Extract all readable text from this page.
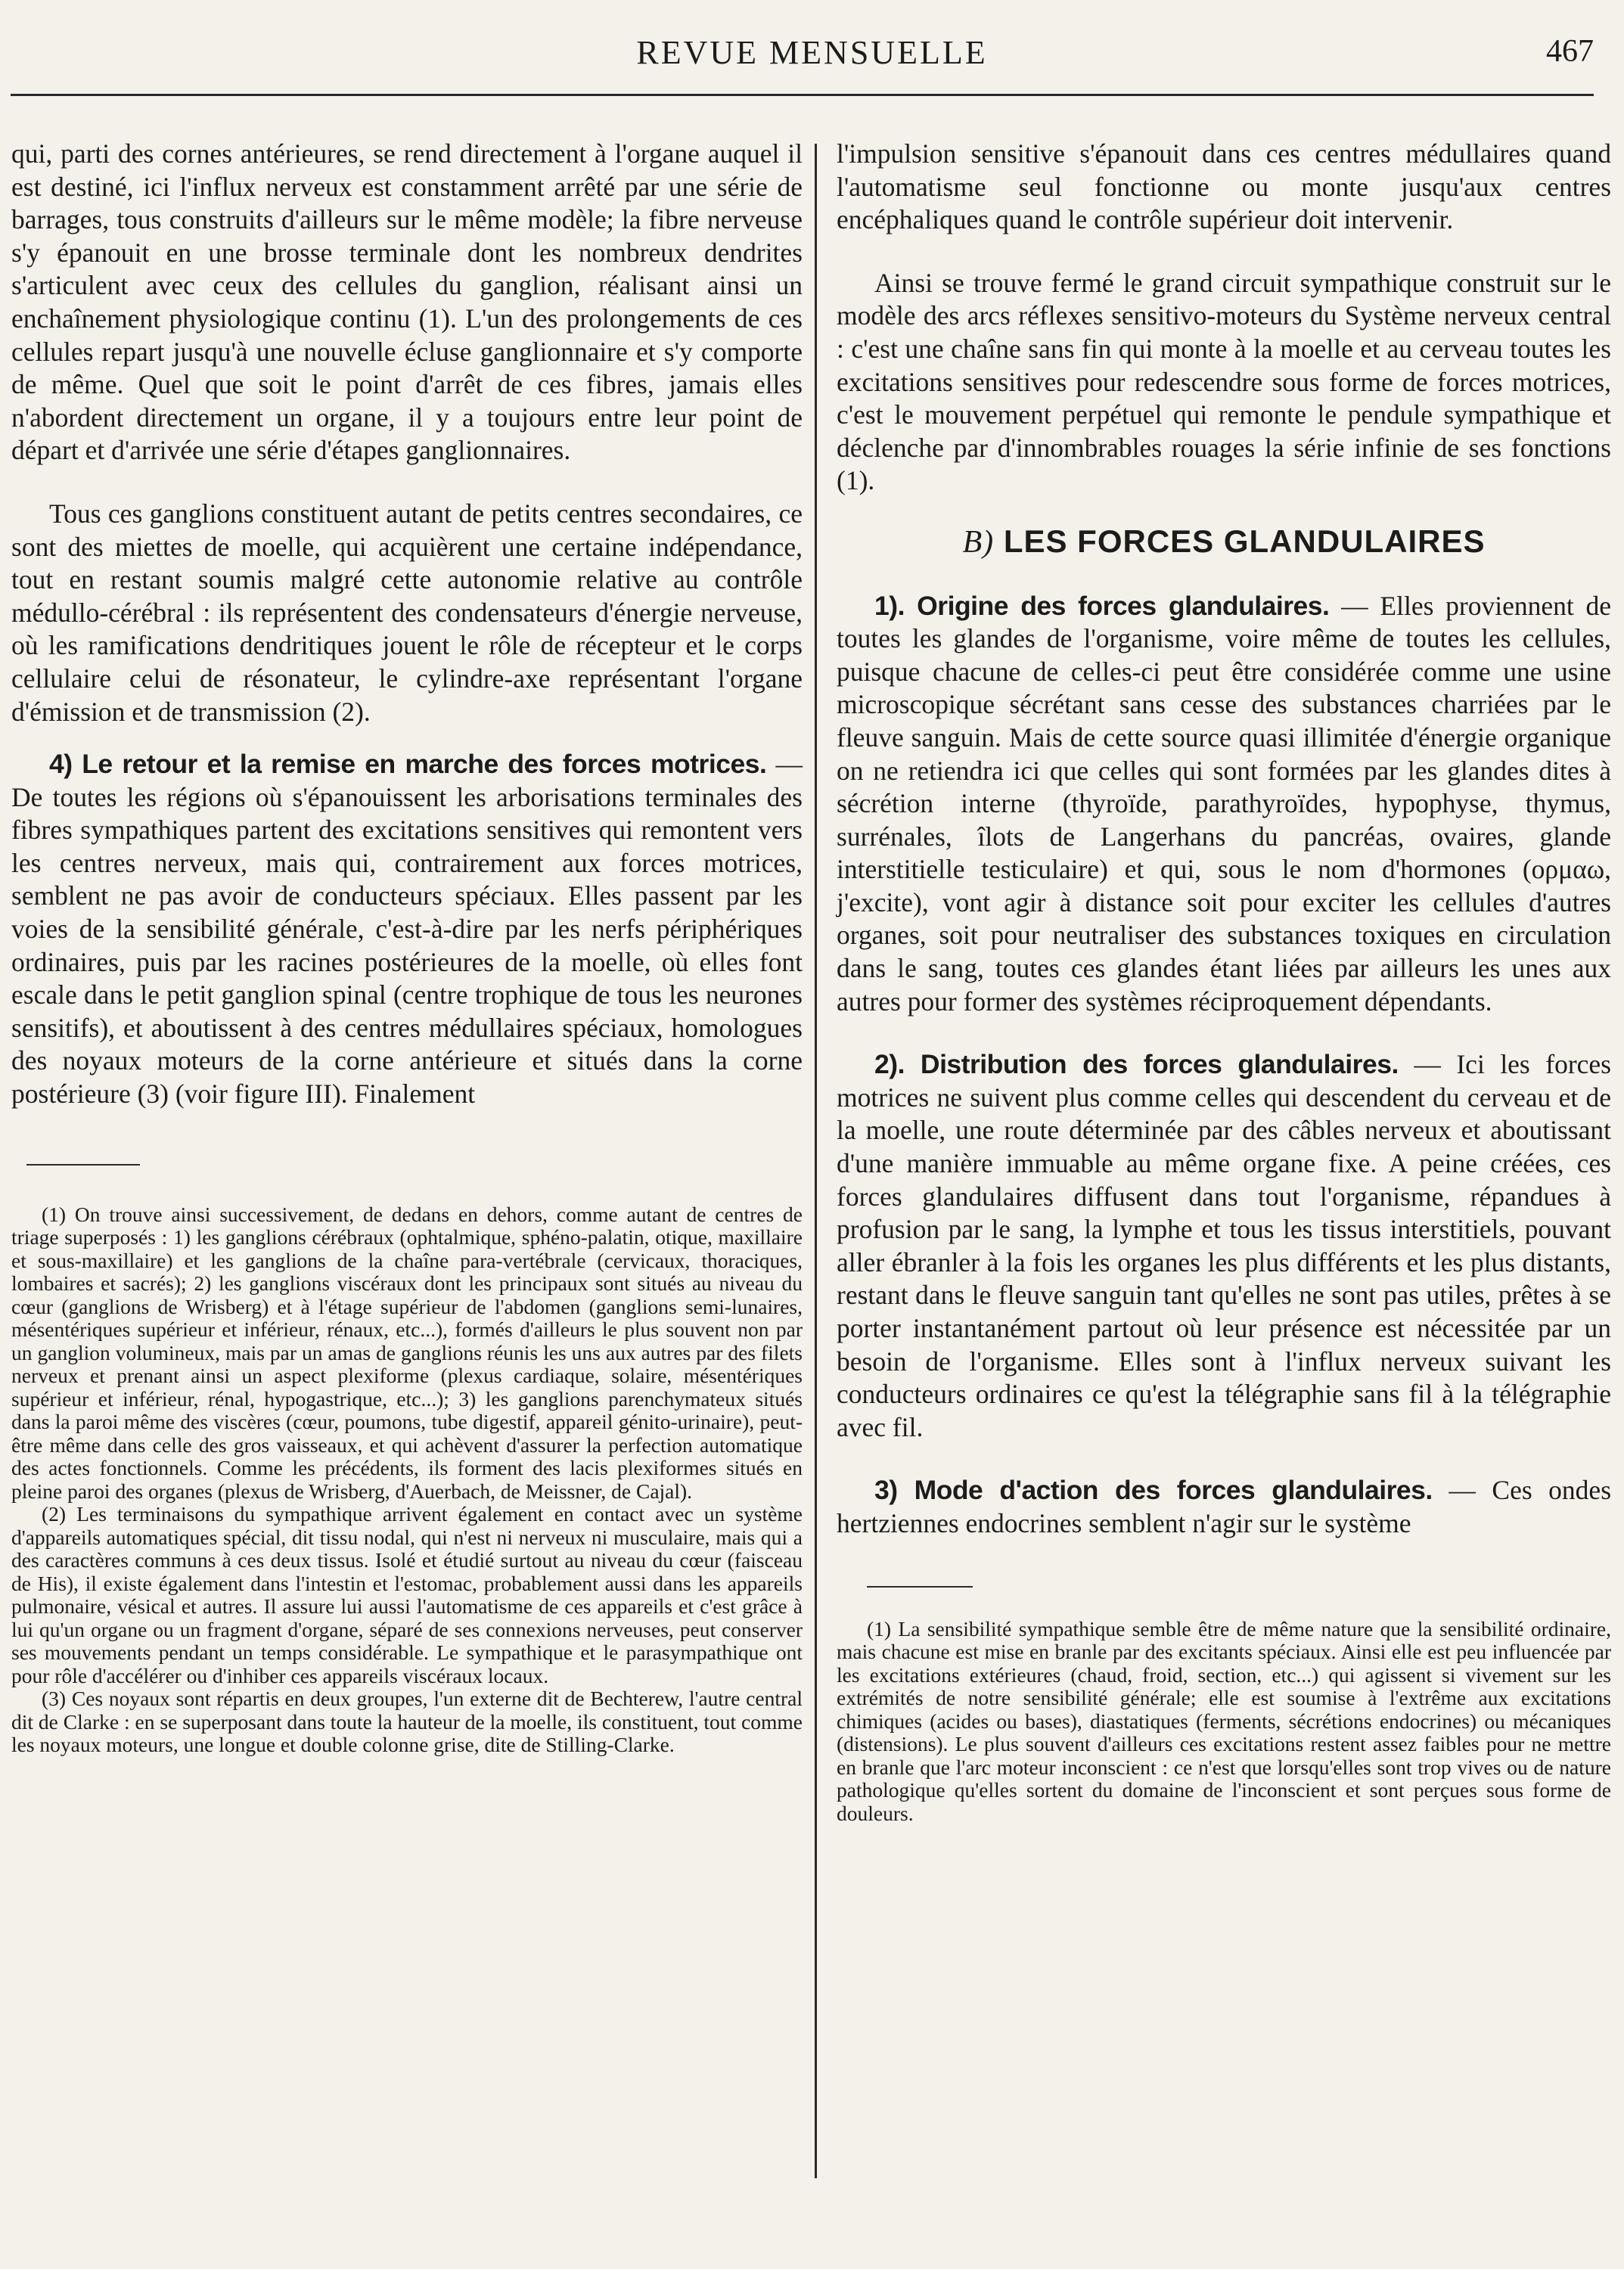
REVUE MENSUELLE	467

qui, parti des cornes antérieures, se rend directement à l'organe auquel il est destiné, ici l'influx nerveux est constamment arrêté par une série de barrages, tous construits d'ailleurs sur le même modèle; la fibre nerveuse s'y épanouit en une brosse terminale dont les nombreux dendrites s'articulent avec ceux des cellules du ganglion, réalisant ainsi un enchaînement physiologique continu (1). L'un des prolongements de ces cellules repart jusqu'à une nouvelle écluse ganglionnaire et s'y comporte de même. Quel que soit le point d'arrêt de ces fibres, jamais elles n'abordent directement un organe, il y a toujours entre leur point de départ et d'arrivée une série d'étapes ganglionnaires.

Tous ces ganglions constituent autant de petits centres secondaires, ce sont des miettes de moelle, qui acquièrent une certaine indépendance, tout en restant soumis malgré cette autonomie relative au contrôle médullo-cérébral : ils représentent des condensateurs d'énergie nerveuse, où les ramifications dendritiques jouent le rôle de récepteur et le corps cellulaire celui de résonateur, le cylindre-axe représentant l'organe d'émission et de transmission (2).

4) Le retour et la remise en marche des forces motrices. — De toutes les régions où s'épanouissent les arborisations terminales des fibres sympathiques partent des excitations sensitives qui remontent vers les centres nerveux, mais qui, contrairement aux forces motrices, semblent ne pas avoir de conducteurs spéciaux. Elles passent par les voies de la sensibilité générale, c'est-à-dire par les nerfs périphériques ordinaires, puis par les racines postérieures de la moelle, où elles font escale dans le petit ganglion spinal (centre trophique de tous les neurones sensitifs), et aboutissent à des centres médullaires spéciaux, homologues des noyaux moteurs de la corne antérieure et situés dans la corne postérieure (3) (voir figure III). Finalement

(1) On trouve ainsi successivement, de dedans en dehors, comme autant de centres de triage superposés : 1) les ganglions cérébraux (ophtalmique, sphéno-palatin, otique, maxillaire et sous-maxillaire) et les ganglions de la chaîne para-vertébrale (cervicaux, thoraciques, lombaires et sacrés); 2) les ganglions viscéraux dont les principaux sont situés au niveau du cœur (ganglions de Wrisberg) et à l'étage supérieur de l'abdomen (ganglions semi-lunaires, mésentériques supérieur et inférieur, rénaux, etc...), formés d'ailleurs le plus souvent non par un ganglion volumineux, mais par un amas de ganglions réunis les uns aux autres par des filets nerveux et prenant ainsi un aspect plexiforme (plexus cardiaque, solaire, mésentériques supérieur et inférieur, rénal, hypogastrique, etc...); 3) les ganglions parenchymateux situés dans la paroi même des viscères (cœur, poumons, tube digestif, appareil génito-urinaire), peut-être même dans celle des gros vaisseaux, et qui achèvent d'assurer la perfection automatique des actes fonctionnels. Comme les précédents, ils forment des lacis plexiformes situés en pleine paroi des organes (plexus de Wrisberg, d'Auerbach, de Meissner, de Cajal).

(2) Les terminaisons du sympathique arrivent également en contact avec un système d'appareils automatiques spécial, dit tissu nodal, qui n'est ni nerveux ni musculaire, mais qui a des caractères communs à ces deux tissus. Isolé et étudié surtout au niveau du cœur (faisceau de His), il existe également dans l'intestin et l'estomac, probablement aussi dans les appareils pulmonaire, vésical et autres. Il assure lui aussi l'automatisme de ces appareils et c'est grâce à lui qu'un organe ou un fragment d'organe, séparé de ses connexions nerveuses, peut conserver ses mouvements pendant un temps considérable. Le sympathique et le parasympathique ont pour rôle d'accélérer ou d'inhiber ces appareils viscéraux locaux.

(3) Ces noyaux sont répartis en deux groupes, l'un externe dit de Bechterew, l'autre central dit de Clarke : en se superposant dans toute la hauteur de la moelle, ils constituent, tout comme les noyaux moteurs, une longue et double colonne grise, dite de Stilling-Clarke.

l'impulsion sensitive s'épanouit dans ces centres médullaires quand l'automatisme seul fonctionne ou monte jusqu'aux centres encéphaliques quand le contrôle supérieur doit intervenir.

Ainsi se trouve fermé le grand circuit sympathique construit sur le modèle des arcs réflexes sensitivo-moteurs du Système nerveux central : c'est une chaîne sans fin qui monte à la moelle et au cerveau toutes les excitations sensitives pour redescendre sous forme de forces motrices, c'est le mouvement perpétuel qui remonte le pendule sympathique et déclenche par d'innombrables rouages la série infinie de ses fonctions (1).

B) LES FORCES GLANDULAIRES

1). Origine des forces glandulaires. — Elles proviennent de toutes les glandes de l'organisme, voire même de toutes les cellules, puisque chacune de celles-ci peut être considérée comme une usine microscopique sécrétant sans cesse des substances charriées par le fleuve sanguin. Mais de cette source quasi illimitée d'énergie organique on ne retiendra ici que celles qui sont formées par les glandes dites à sécrétion interne (thyroïde, parathyroïdes, hypophyse, thymus, surrénales, îlots de Langerhans du pancréas, ovaires, glande interstitielle testiculaire) et qui, sous le nom d'hormones (ορμαω, j'excite), vont agir à distance soit pour exciter les cellules d'autres organes, soit pour neutraliser des substances toxiques en circulation dans le sang, toutes ces glandes étant liées par ailleurs les unes aux autres pour former des systèmes réciproquement dépendants.

2). Distribution des forces glandulaires. — Ici les forces motrices ne suivent plus comme celles qui descendent du cerveau et de la moelle, une route déterminée par des câbles nerveux et aboutissant d'une manière immuable au même organe fixe. A peine créées, ces forces glandulaires diffusent dans tout l'organisme, répandues à profusion par le sang, la lymphe et tous les tissus interstitiels, pouvant aller ébranler à la fois les organes les plus différents et les plus distants, restant dans le fleuve sanguin tant qu'elles ne sont pas utiles, prêtes à se porter instantanément partout où leur présence est nécessitée par un besoin de l'organisme. Elles sont à l'influx nerveux suivant les conducteurs ordinaires ce qu'est la télégraphie sans fil à la télégraphie avec fil.

3) Mode d'action des forces glandulaires. — Ces ondes hertziennes endocrines semblent n'agir sur le système

(1) La sensibilité sympathique semble être de même nature que la sensibilité ordinaire, mais chacune est mise en branle par des excitants spéciaux. Ainsi elle est peu influencée par les excitations extérieures (chaud, froid, section, etc...) qui agissent si vivement sur les extrémités de notre sensibilité générale; elle est soumise à l'extrême aux excitations chimiques (acides ou bases), diastatiques (ferments, sécrétions endocrines) ou mécaniques (distensions). Le plus souvent d'ailleurs ces excitations restent assez faibles pour ne mettre en branle que l'arc moteur inconscient : ce n'est que lorsqu'elles sont trop vives ou de nature pathologique qu'elles sortent du domaine de l'inconscient et sont perçues sous forme de douleurs.
